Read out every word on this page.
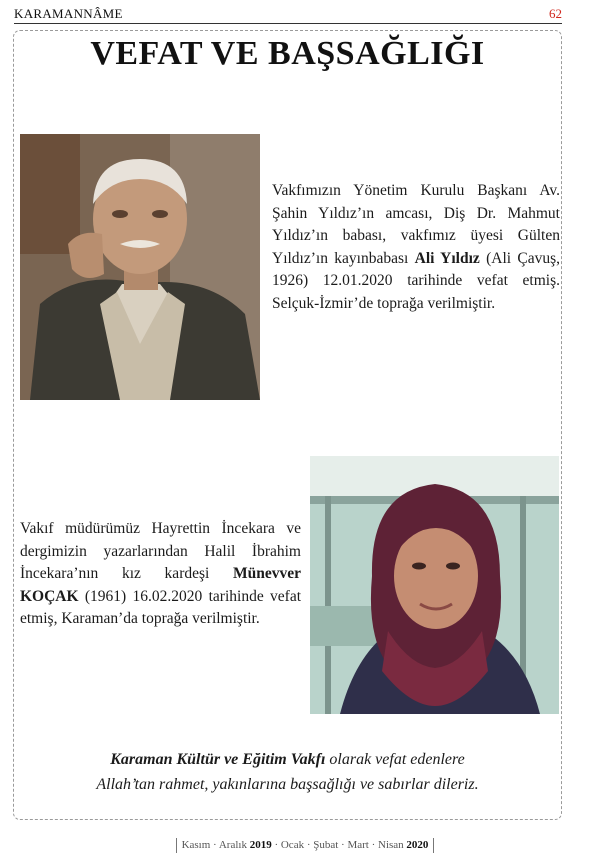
KARAMANNÂME	62
VEFAT VE BAŞSAĞLIĞI
Vakfımızın Yönetim Kurulu Başkanı Av. Şahin Yıldız’ın amcası, Diş Dr. Mahmut Yıldız’ın babası, vakfımız üyesi Gülten Yıldız’ın kayınbabası Ali Yıldız (Ali Çavuş, 1926) 12.01.2020 tarihinde vefat etmiş. Selçuk-İzmir’de toprağa verilmiştir.
Vakıf müdürümüz Hayrettin İncekara ve dergimizin yazarlarından Halil İbrahim İncekara’nın kız kardeşi Münevver KOÇAK (1961) 16.02.2020 tarihinde vefat etmiş, Karaman’da toprağa verilmiştir.
Karaman Kültür ve Eğitim Vakfı olarak vefat edenlere
Allah’tan rahmet, yakınlarına başsağlığı ve sabırlar dileriz.
Kasım · Aralık 2019 · Ocak · Şubat · Mart · Nisan 2020
